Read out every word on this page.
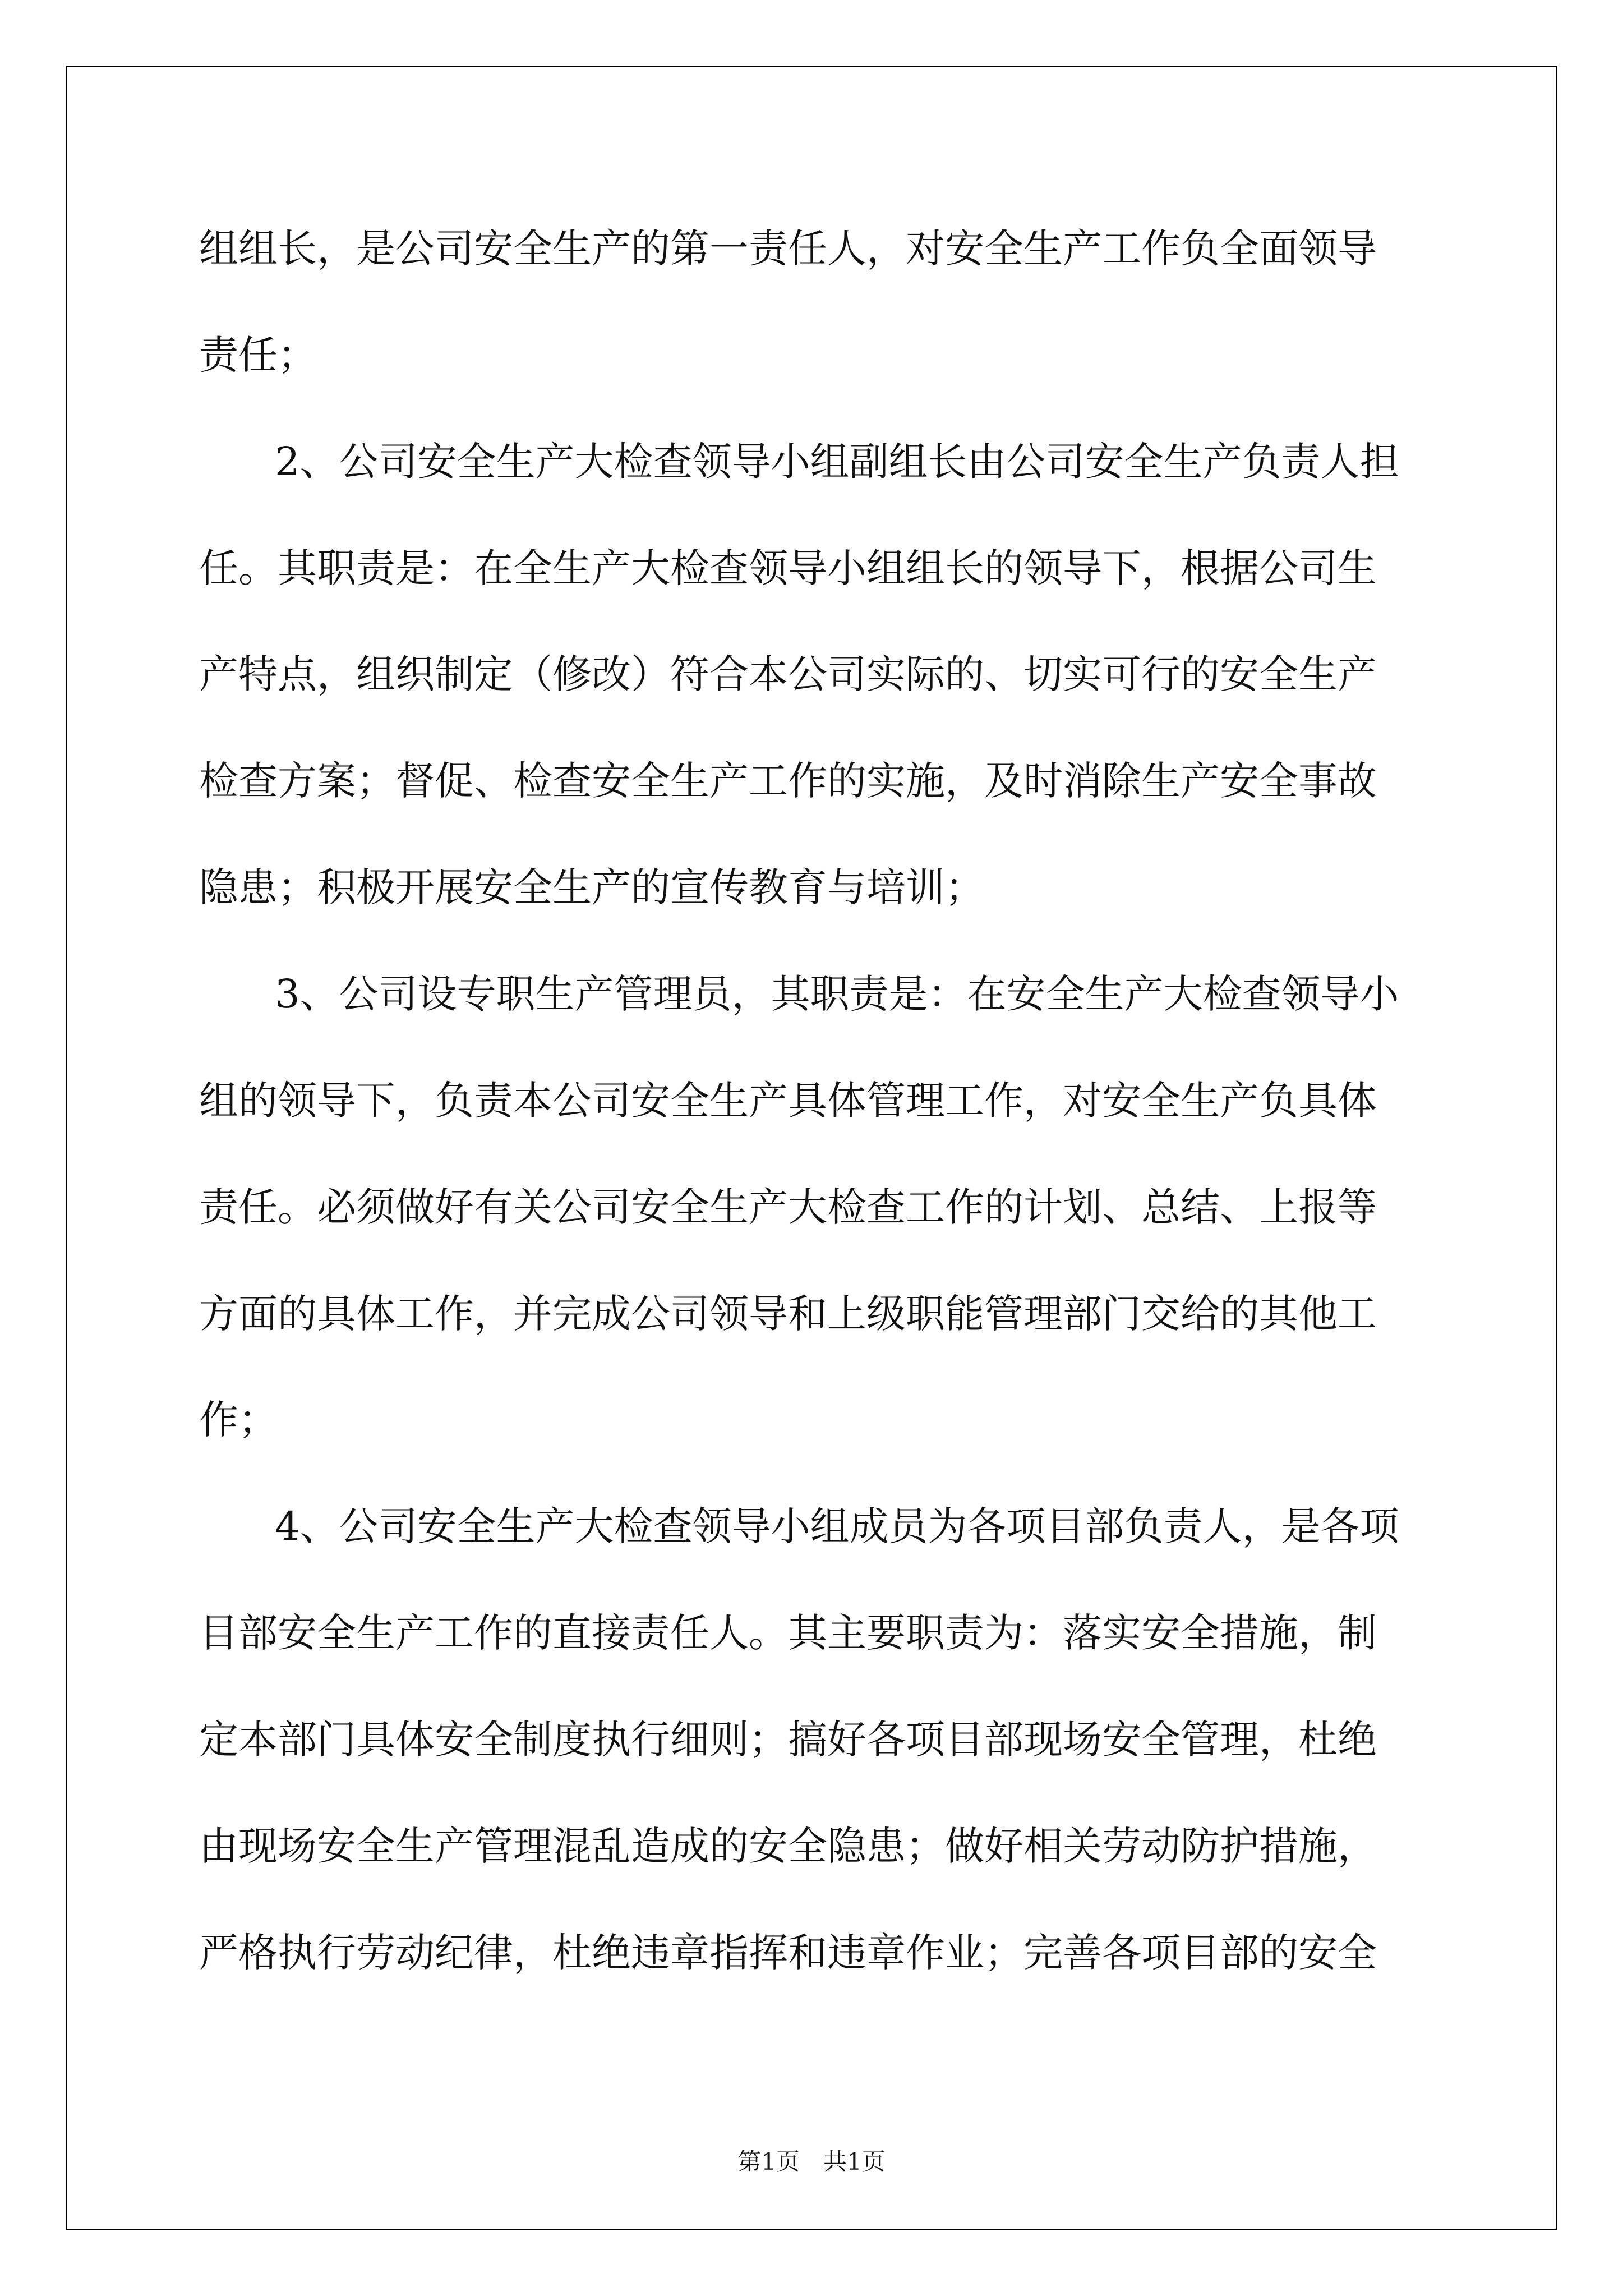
组组长，是公司安全生产的第一责任人，对安全生产工作负全面领导
责任；
2、公司安全生产大检查领导小组副组长由公司安全生产负责人担
任。其职责是：在全生产大检查领导小组组长的领导下，根据公司生
产特点，组织制定（修改）符合本公司实际的、切实可行的安全生产
检查方案；督促、检查安全生产工作的实施，及时消除生产安全事故
隐患；积极开展安全生产的宣传教育与培训；
3、公司设专职生产管理员，其职责是：在安全生产大检查领导小
组的领导下，负责本公司安全生产具体管理工作，对安全生产负具体
责任。必须做好有关公司安全生产大检查工作的计划、总结、上报等
方面的具体工作，并完成公司领导和上级职能管理部门交给的其他工
作；
4、公司安全生产大检查领导小组成员为各项目部负责人，是各项
目部安全生产工作的直接责任人。其主要职责为：落实安全措施，制
定本部门具体安全制度执行细则；搞好各项目部现场安全管理，杜绝
由现场安全生产管理混乱造成的安全隐患；做好相关劳动防护措施，
严格执行劳动纪律，杜绝违章指挥和违章作业；完善各项目部的安全
第1页　共1页
